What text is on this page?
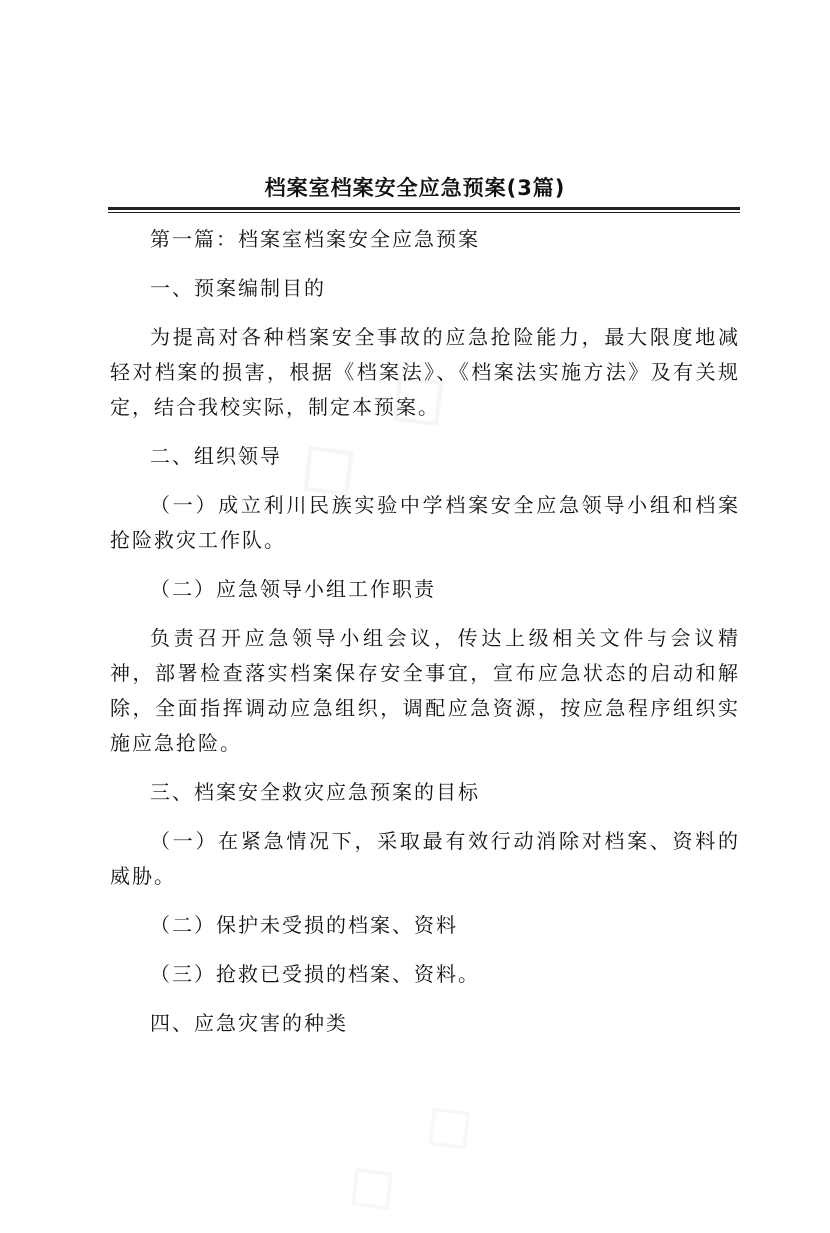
档案室档案安全应急预案(3篇)

第一篇：档案室档案安全应急预案

一、预案编制目的

为提高对各种档案安全事故的应急抢险能力，最大限度地减轻对档案的损害，根据《档案法》、《档案法实施方法》及有关规定，结合我校实际，制定本预案。

二、组织领导

（一）成立利川民族实验中学档案安全应急领导小组和档案抢险救灾工作队。

（二）应急领导小组工作职责

负责召开应急领导小组会议，传达上级相关文件与会议精神，部署检查落实档案保存安全事宜，宣布应急状态的启动和解除，全面指挥调动应急组织，调配应急资源，按应急程序组织实施应急抢险。

三、档案安全救灾应急预案的目标

（一）在紧急情况下，采取最有效行动消除对档案、资料的威胁。

（二）保护未受损的档案、资料

（三）抢救已受损的档案、资料。

四、应急灾害的种类
